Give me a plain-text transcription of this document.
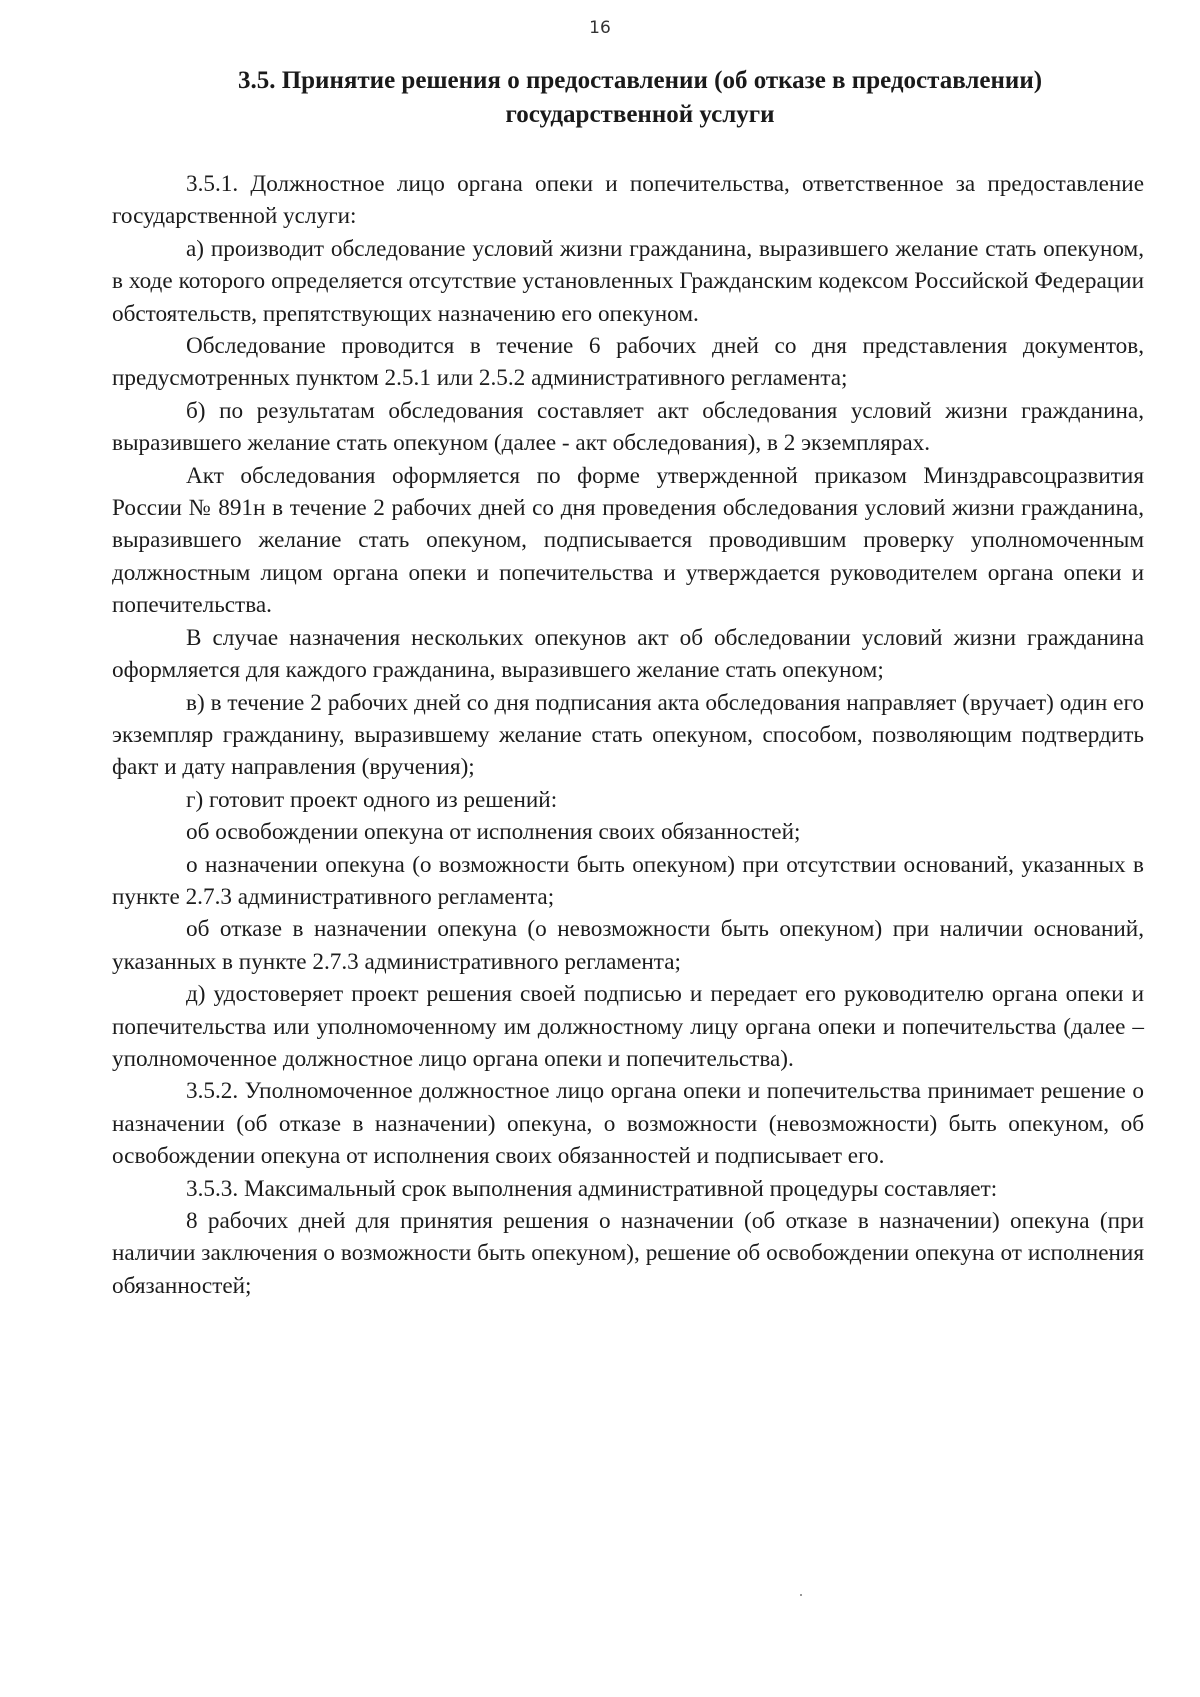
16
3.5. Принятие решения о предоставлении (об отказе в предоставлении)
государственной услуги

3.5.1. Должностное лицо органа опеки и попечительства, ответственное за предоставление государственной услуги:

а) производит обследование условий жизни гражданина, выразившего желание стать опекуном, в ходе которого определяется отсутствие установленных Гражданским кодексом Российской Федерации обстоятельств, препятствующих назначению его опекуном.

Обследование проводится в течение 6 рабочих дней со дня представления документов, предусмотренных пунктом 2.5.1 или 2.5.2 административного регламента;

б) по результатам обследования составляет акт обследования условий жизни гражданина, выразившего желание стать опекуном (далее - акт обследования), в 2 экземплярах.

Акт обследования оформляется по форме утвержденной приказом Минздравсоцразвития России № 891н в течение 2 рабочих дней со дня проведения обследования условий жизни гражданина, выразившего желание стать опекуном, подписывается проводившим проверку уполномоченным должностным лицом органа опеки и попечительства и утверждается руководителем органа опеки и попечительства.

В случае назначения нескольких опекунов акт об обследовании условий жизни гражданина оформляется для каждого гражданина, выразившего желание стать опекуном;

в) в течение 2 рабочих дней со дня подписания акта обследования направляет (вручает) один его экземпляр гражданину, выразившему желание стать опекуном, способом, позволяющим подтвердить факт и дату направления (вручения);

г) готовит проект одного из решений:

об освобождении опекуна от исполнения своих обязанностей;

о назначении опекуна (о возможности быть опекуном) при отсутствии оснований, указанных в пункте 2.7.3 административного регламента;

об отказе в назначении опекуна (о невозможности быть опекуном) при наличии оснований, указанных в пункте 2.7.3 административного регламента;

д) удостоверяет проект решения своей подписью и передает его руководителю органа опеки и попечительства или уполномоченному им должностному лицу органа опеки и попечительства (далее – уполномоченное должностное лицо органа опеки и попечительства).

3.5.2. Уполномоченное должностное лицо органа опеки и попечительства принимает решение о назначении (об отказе в назначении) опекуна, о возможности (невозможности) быть опекуном, об освобождении опекуна от исполнения своих обязанностей и подписывает его.

3.5.3. Максимальный срок выполнения административной процедуры составляет:

8 рабочих дней для принятия решения о назначении (об отказе в назначении) опекуна (при наличии заключения о возможности быть опекуном), решение об освобождении опекуна от исполнения обязанностей;
